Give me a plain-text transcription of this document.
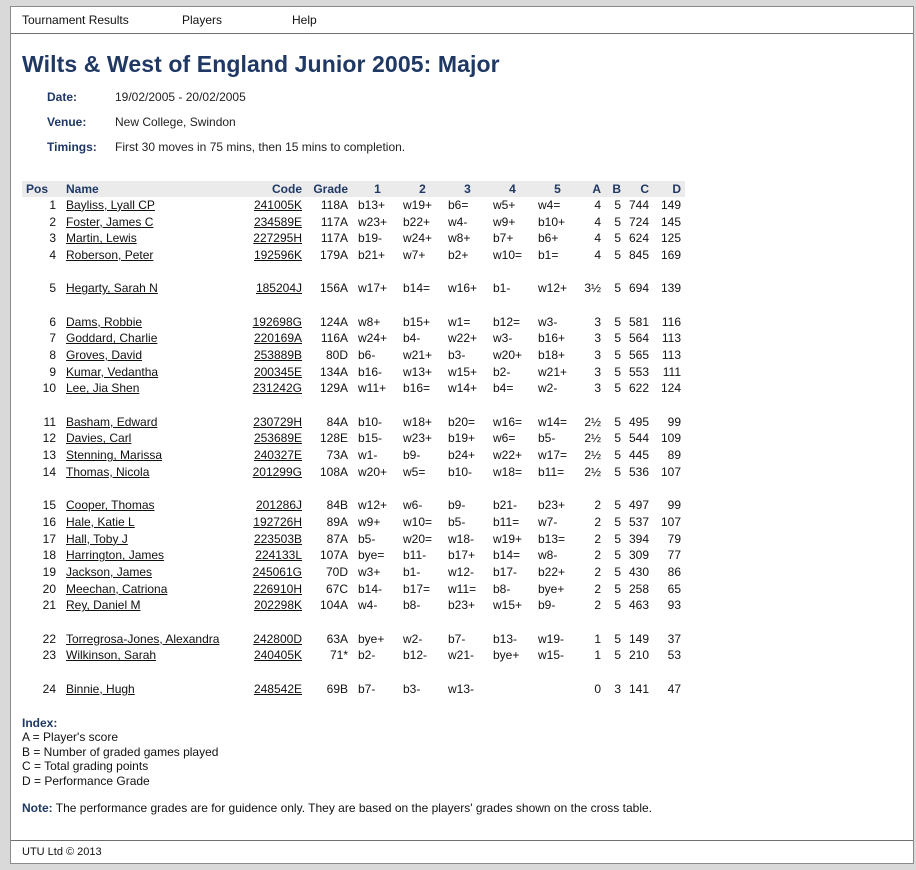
Tournament Results	Players	Help
Wilts & West of England Junior 2005: Major
Date:	19/02/2005 - 20/02/2005
Venue:	New College, Swindon
Timings:	First 30 moves in 75 mins, then 15 mins to completion.
Pos	Name	Code	Grade	1	2	3	4	5	A	B	C	D
1	Bayliss, Lyall CP	241005K	118A	b13+	w19+	b6=	w5+	w4=	4	5	744	149
2	Foster, James C	234589E	117A	w23+	b22+	w4-	w9+	b10+	4	5	724	145
3	Martin, Lewis	227295H	117A	b19-	w24+	w8+	b7+	b6+	4	5	624	125
4	Roberson, Peter	192596K	179A	b21+	w7+	b2+	w10=	b1=	4	5	845	169

5	Hegarty, Sarah N	185204J	156A	w17+	b14=	w16+	b1-	w12+	3½	5	694	139

6	Dams, Robbie	192698G	124A	w8+	b15+	w1=	b12=	w3-	3	5	581	116
7	Goddard, Charlie	220169A	116A	w24+	b4-	w22+	w3-	b16+	3	5	564	113
8	Groves, David	253889B	80D	b6-	w21+	b3-	w20+	b18+	3	5	565	113
9	Kumar, Vedantha	200345E	134A	b16-	w13+	w15+	b2-	w21+	3	5	553	111
10	Lee, Jia Shen	231242G	129A	w11+	b16=	w14+	b4=	w2-	3	5	622	124

11	Basham, Edward	230729H	84A	b10-	w18+	b20=	w16=	w14=	2½	5	495	99
12	Davies, Carl	253689E	128E	b15-	w23+	b19+	w6=	b5-	2½	5	544	109
13	Stenning, Marissa	240327E	73A	w1-	b9-	b24+	w22+	w17=	2½	5	445	89
14	Thomas, Nicola	201299G	108A	w20+	w5=	b10-	w18=	b11=	2½	5	536	107

15	Cooper, Thomas	201286J	84B	w12+	w6-	b9-	b21-	b23+	2	5	497	99
16	Hale, Katie L	192726H	89A	w9+	w10=	b5-	b11=	w7-	2	5	537	107
17	Hall, Toby J	223503B	87A	b5-	w20=	w18-	w19+	b13=	2	5	394	79
18	Harrington, James	224133L	107A	bye=	b11-	b17+	b14=	w8-	2	5	309	77
19	Jackson, James	245061G	70D	w3+	b1-	w12-	b17-	b22+	2	5	430	86
20	Meechan, Catriona	226910H	67C	b14-	b17=	w11=	b8-	bye+	2	5	258	65
21	Rey, Daniel M	202298K	104A	w4-	b8-	b23+	w15+	b9-	2	5	463	93

22	Torregrosa-Jones, Alexandra	242800D	63A	bye+	w2-	b7-	b13-	w19-	1	5	149	37
23	Wilkinson, Sarah	240405K	71*	b2-	b12-	w21-	bye+	w15-	1	5	210	53

24	Binnie, Hugh	248542E	69B	b7-	b3-	w13-			0	3	141	47
Index:
A = Player's score
B = Number of graded games played
C = Total grading points
D = Performance Grade
Note: The performance grades are for guidence only. They are based on the players' grades shown on the cross table.
UTU Ltd © 2013
